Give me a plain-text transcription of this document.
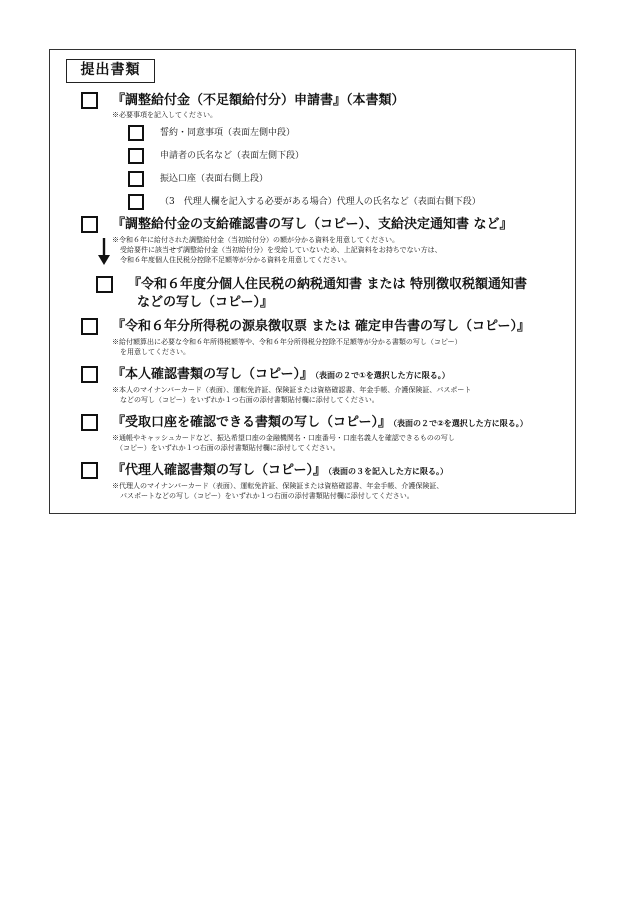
提出書類
『調整給付金（不足額給付分）申請書』（本書類）
※必要事項を記入してください。
誓約・同意事項（表面左側中段）
申請者の氏名など（表面左側下段）
振込口座（表面右側上段）
（3　代理人欄を記入する必要がある場合）代理人の氏名など（表面右側下段）
『調整給付金の支給確認書の写し（コピー）、支給決定通知書 など』
※令和６年に給付された調整給付金（当初給付分）の額が分かる資料を用意してください。
受給要件に該当せず調整給付金（当初給付分）を受給していないため、上記資料をお持ちでない方は、
令和６年度個人住民税分控除不足額等が分かる資料を用意してください。
『令和６年度分個人住民税の納税通知書 または 特別徴収税額通知書
などの写し（コピー）』
『令和６年分所得税の源泉徴収票 または 確定申告書の写し（コピー）』
※給付額算出に必要な令和６年所得税額等や、令和６年分所得税分控除不足額等が分かる書類の写し（コピー）
を用意してください。
『本人確認書類の写し（コピー）』 （表面の２で①を選択した方に限る。）
※本人のマイナンバーカード（表面）、運転免許証、保険証または資格確認書、年金手帳、介護保険証、パスポート
などの写し（コピー）をいずれか１つ右面の添付書類貼付欄に添付してください。
『受取口座を確認できる書類の写し（コピー）』 （表面の２で②を選択した方に限る。）
※通帳やキャッシュカードなど、振込希望口座の金融機関名・口座番号・口座名義人を確認できるものの写し
（コピー）をいずれか１つ右面の添付書類貼付欄に添付してください。
『代理人確認書類の写し（コピー）』 （表面の３を記入した方に限る。）
※代理人のマイナンバーカード（表面）、運転免許証、保険証または資格確認書、年金手帳、介護保険証、
パスポートなどの写し（コピー）をいずれか１つ右面の添付書類貼付欄に添付してください。
